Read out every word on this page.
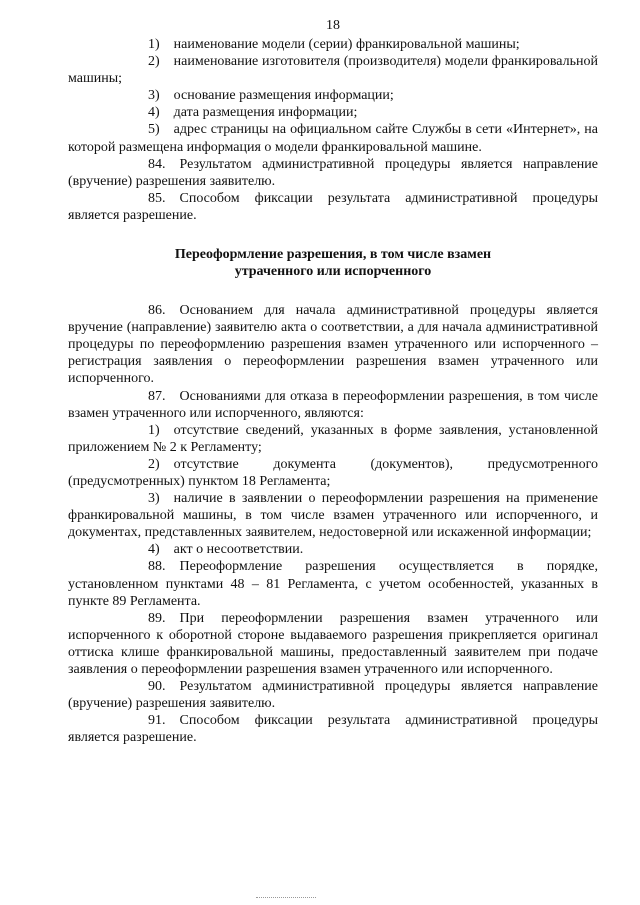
18

1)  наименование модели (серии) франкировальной машины;

2)  наименование изготовителя (производителя) модели франкировальной машины;

3)  основание размещения информации;

4)  дата размещения информации;

5)  адрес страницы на официальном сайте Службы в сети «Интернет», на которой размещена информация о модели франкировальной машине.

84.  Результатом административной процедуры является направление (вручение) разрешения заявителю.

85.  Способом фиксации результата административной процедуры является разрешение.

Переоформление разрешения, в том числе взамен
утраченного или испорченного

86.  Основанием для начала административной процедуры является вручение (направление) заявителю акта о соответствии, а для начала административной процедуры по переоформлению разрешения взамен утраченного или испорченного – регистрация заявления о переоформлении разрешения взамен утраченного или испорченного.

87.  Основаниями для отказа в переоформлении разрешения, в том числе взамен утраченного или испорченного, являются:

1)  отсутствие сведений, указанных в форме заявления, установленной приложением № 2 к Регламенту;

2)  отсутствие документа (документов), предусмотренного (предусмотренных) пунктом 18 Регламента;

3)  наличие в заявлении о переоформлении разрешения на применение франкировальной машины, в том числе взамен утраченного или испорченного, и документах, представленных заявителем, недостоверной или искаженной информации;

4)  акт о несоответствии.

88.  Переоформление разрешения осуществляется в порядке, установленном пунктами 48 – 81 Регламента, с учетом особенностей, указанных в пункте 89 Регламента.

89.  При переоформлении разрешения взамен утраченного или испорченного к оборотной стороне выдаваемого разрешения прикрепляется оригинал оттиска клише франкировальной машины, предоставленный заявителем при подаче заявления о переоформлении разрешения взамен утраченного или испорченного.

90.  Результатом административной процедуры является направление (вручение) разрешения заявителю.

91.  Способом фиксации результата административной процедуры является разрешение.
